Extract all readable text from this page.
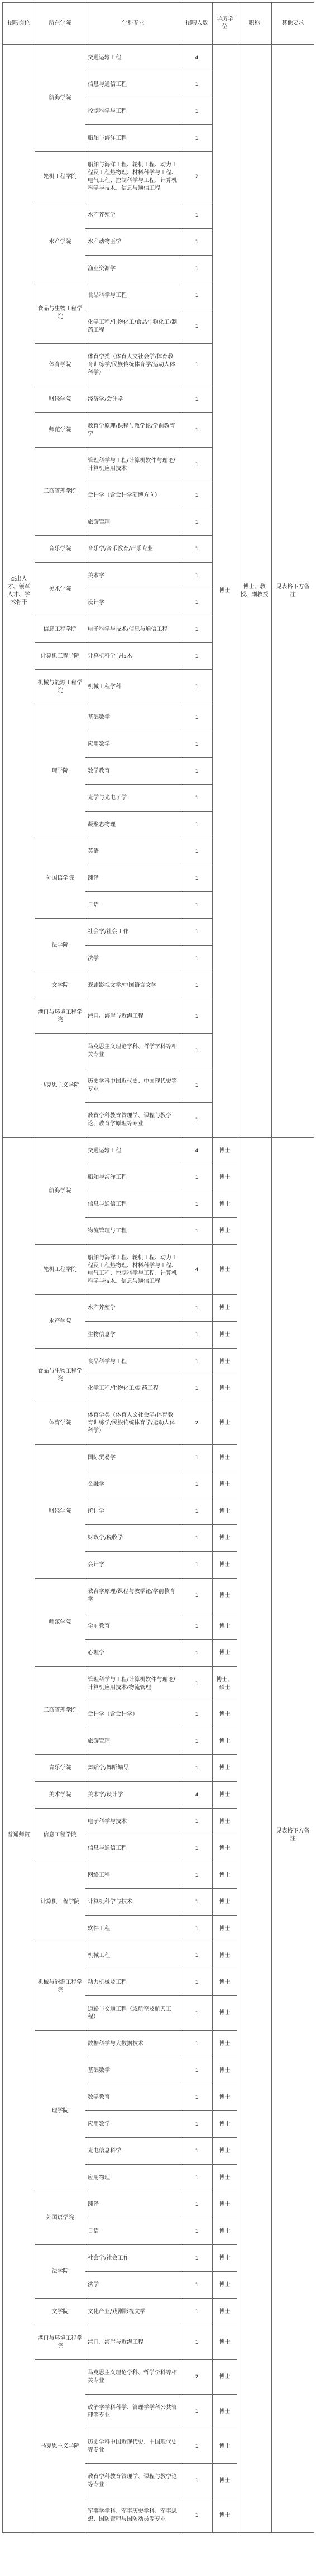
招聘岗位	所在学院	学科专业	招聘人数	学历学位	职称	其他要求
杰出人才、领军人才、学术骨干	航海学院	交通运输工程	4	博士	博士、教授、副教授	见表格下方备注
		信息与通信工程	1			
		控制科学与工程	1			
		船舶与海洋工程	1			
	轮机工程学院	船舶与海洋工程、轮机工程、动力工程及工程热物理、材料科学与工程、电气工程、控制科学与工程、计算机科学与技术、信息与通信工程	2			
	水产学院	水产养殖学	1			
		水产动物医学	1			
		渔业资源学	1			
	食品与生物工程学院	食品科学与工程	1			
		化学工程/生物化工/食品生物化工/制药工程	1			
	体育学院	体育学类（体育人文社会学/体育教育训练学/民族传统体育学/运动人体科学）	1			
	财经学院	经济学/会计学	1			
	师范学院	教育学原理/课程与教学论/学前教育学	1			
	工商管理学院	管理科学与工程/计算机软件与理论/计算机应用技术	1			
		会计学（含会计学硕博方向）	1			
		旅游管理	1			
	音乐学院	音乐学/音乐教育/声乐专业	1			
	美术学院	美术学	1			
		设计学	1			
	信息工程学院	电子科学与技术/信息与通信工程	1			
	计算机工程学院	计算机科学与技术	1			
	机械与能源工程学院	机械工程学科	1			
	理学院	基础数学	1			
		应用数学	1			
		数学教育	1			
		光学与光电子学	1			
		凝聚态物理	1			
	外国语学院	英语	1			
		翻译	1			
		日语	1			
	法学院	社会学/社会工作	1			
		法学	1			
	文学院	戏剧影视文学/中国语言文学	1			
	港口与环境工程学院	港口、海岸与近海工程	1			
	马克思主义学院	马克思主义理论学科、哲学学科等相关专业	1			
		历史学科中国近代史、中国现代史等专业	1			
		教育学科教育管理学、课程与教学论、教育学原理等专业	1			
普通师资	航海学院	交通运输工程	4	博士		见表格下方备注
		船舶与海洋工程	1	博士		
		信息与通信工程	1	博士		
		物流管理与工程	1	博士		
	轮机工程学院	船舶与海洋工程、轮机工程、动力工程及工程热物理、材料科学与工程、电气工程、控制科学与工程、计算机科学与技术、信息与通信工程	4	博士		
	水产学院	水产养殖学	1	博士		
		生物信息学	1	博士		
	食品与生物工程学院	食品科学与工程	1	博士		
		化学工程/生物化工/制药工程	1	博士		
	体育学院	体育学类（体育人文社会学/体育教育训练学/民族传统体育学/运动人体科学）	2	博士		
	财经学院	国际贸易学	1	博士		
		金融学	1	博士		
		统计学	1	博士		
		财政学/税收学	1	博士		
		会计学	1	博士		
	师范学院	教育学原理/课程与教学论/学前教育学	1	博士		
		学前教育	1	博士		
		心理学	1	博士		
	工商管理学院	管理科学与工程/计算机软件与理论/计算机应用技术/物流管理	1	博士、硕士		
		会计学（含会计学）	1	博士		
		旅游管理	1	博士		
	音乐学院	舞蹈学/舞蹈编导	1	博士		
	美术学院	美术学/设计学	4	博士		
	信息工程学院	电子科学与技术	1	博士		
		信息与通信工程	1	博士		
	计算机工程学院	网络工程	1	博士		
		计算机科学与技术	1	博士		
		软件工程	1	博士		
	机械与能源工程学院	机械工程	1	博士		
		动力机械及工程	1	博士		
		道路与交通工程（或航空及航天工程）	1	博士		
	理学院	数据科学与大数据技术	1	博士		
		基础数学	1	博士		
		数学教育	1	博士		
		应用数学	1	博士		
		光电信息科学	1	博士		
		应用物理	1	博士		
	外国语学院	翻译	1	博士		
		日语	1	博士		
	法学院	社会学/社会工作	1	博士		
		法学	1	博士		
	文学院	文化产业/戏剧影视文学	1	博士		
	港口与环境工程学院	港口、海岸与近海工程	1	博士		
	马克思主义学院	马克思主义理论学科、哲学学科等相关专业	2	博士		
		政治学学科科学、管理学学科公共管理等专业	1	博士		
		历史学科中国近现代史、中国现代史等专业	1	博士		
		教育学科教育管理学、课程与教学论等专业	1	博士		
		军事学学科、军事历史学科、军事思想、国防管理与国防动员等专业	1	博士		
